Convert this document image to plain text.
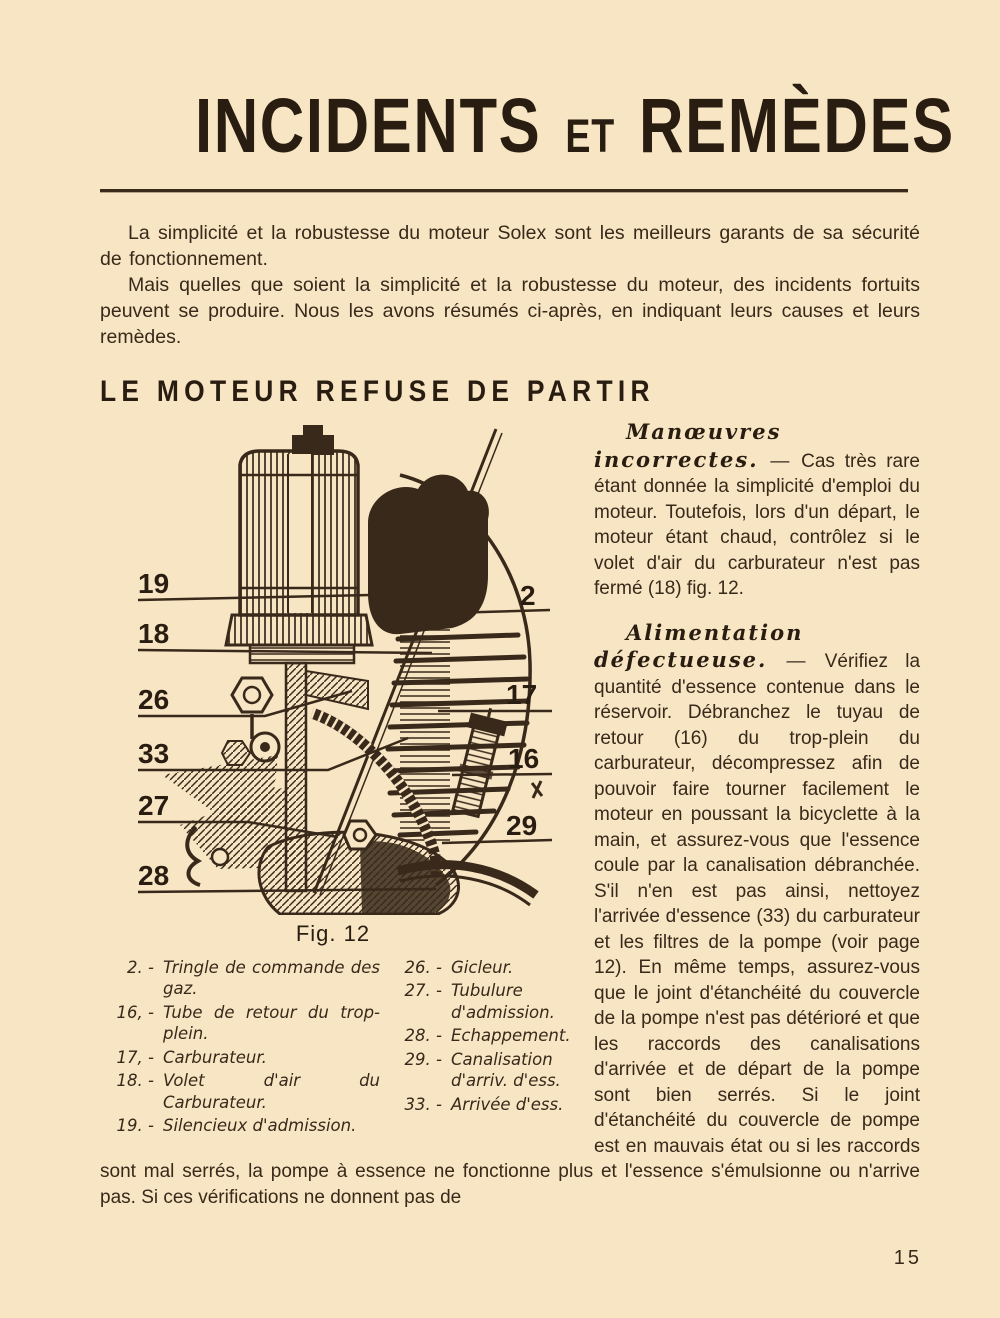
INCIDENTS ET REMÈDES

La simplicité et la robustesse du moteur Solex sont les meilleurs garants de sa sécurité de fonctionnement.

Mais quelles que soient la simplicité et la robustesse du moteur, des incidents fortuits peuvent se produire. Nous les avons résumés ci-après, en indiquant leurs causes et leurs remèdes.

LE MOTEUR REFUSE DE PARTIR
19
18
26
33
27
28
2
17
16
29
Fig. 12
2. - Tringle de commande des gaz.
16, - Tube de retour du trop-plein.
17, - Carburateur.
18. - Volet d'air du Carburateur.
19. - Silencieux d'admission.
26. - Gicleur.
27. - Tubulure d'admission.
28. - Echappement.
29. - Canalisation d'arriv. d'ess.
33. - Arrivée d'ess.

Manœuvres incorrectes. — Cas très rare étant donnée la simplicité d'emploi du moteur. Toutefois, lors d'un départ, le moteur étant chaud, contrôlez si le volet d'air du carburateur n'est pas fermé (18) fig. 12.

Alimentation défectueuse. — Vérifiez la quantité d'essence contenue dans le réservoir. Débranchez le tuyau de retour (16) du trop-plein du carburateur, décompressez afin de pouvoir faire tourner facilement le moteur en poussant la bicyclette à la main, et assurez-vous que l'essence coule par la canalisation débranchée. S'il n'en est pas ainsi, nettoyez l'arrivée d'essence (33) du carburateur et les filtres de la pompe (voir page 12). En même temps, assurez-vous que le joint d'étanchéité du couvercle de la pompe n'est pas détérioré et que les raccords des canalisations d'arrivée et de départ de la pompe sont bien serrés. Si le joint d'étanchéité du couvercle de pompe est en mauvais état ou si les raccords sont mal serrés, la pompe à essence ne fonctionne plus et l'essence s'émulsionne ou n'arrive pas. Si ces vérifications ne donnent pas de

15
